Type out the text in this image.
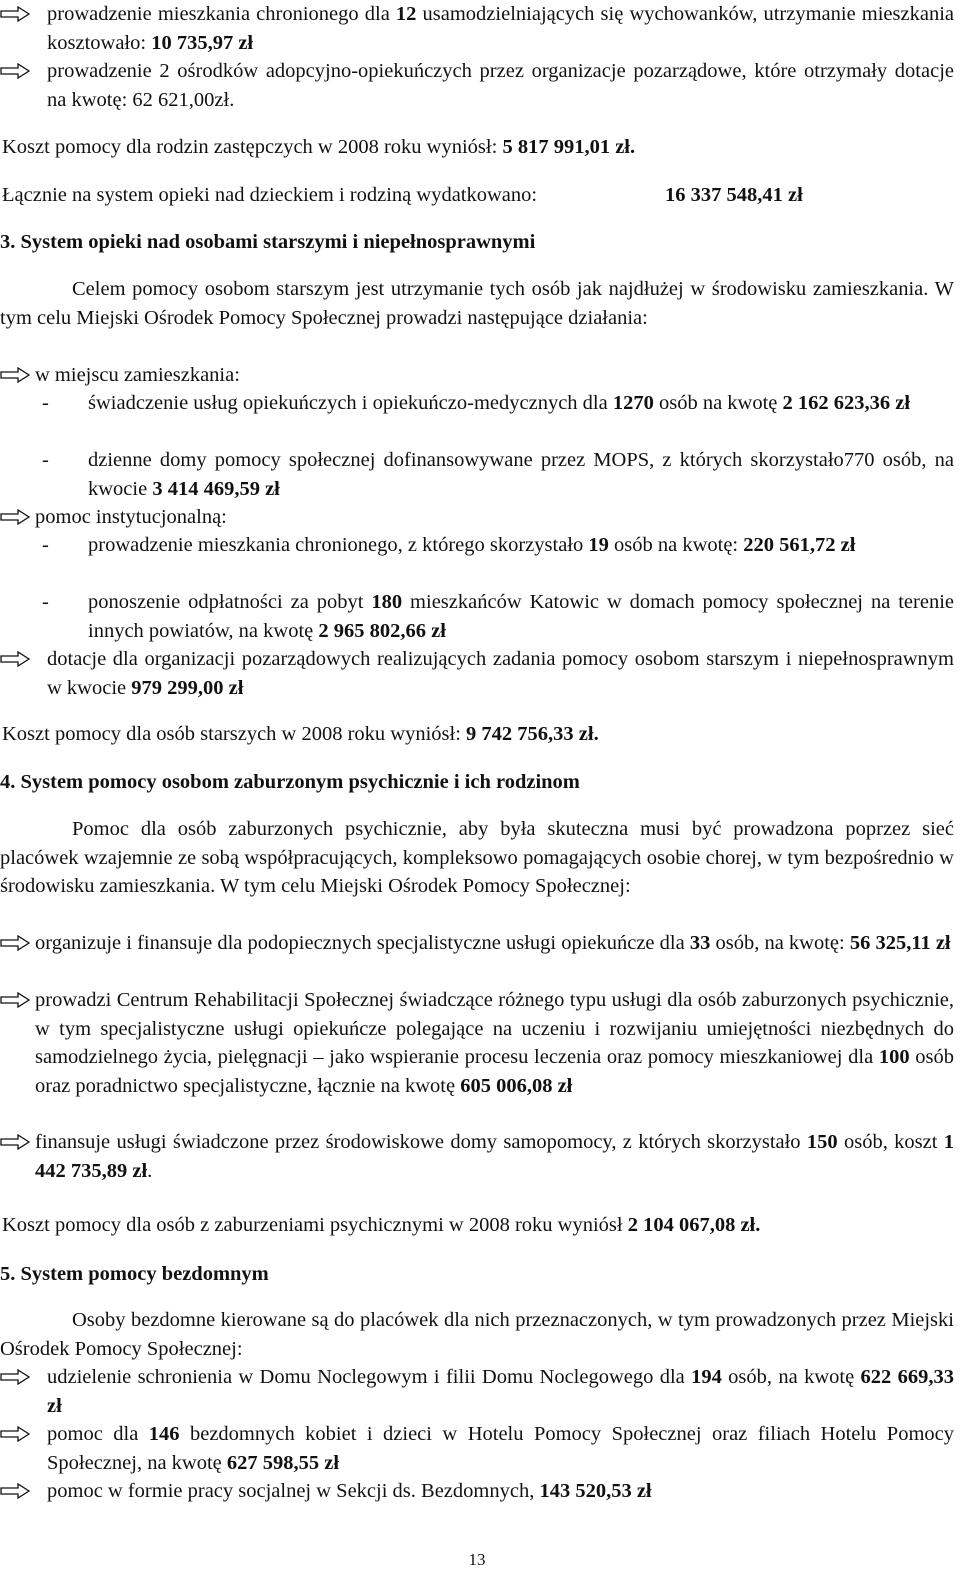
prowadzenie mieszkania chronionego dla 12 usamodzielniających się wychowanków, utrzymanie mieszkania kosztowało: 10 735,97 zł

prowadzenie 2 ośrodków adopcyjno-opiekuńczych przez organizacje pozarządowe, które otrzymały dotacje na kwotę: 62 621,00zł.

Koszt pomocy dla rodzin zastępczych w 2008 roku wyniósł: 5 817 991,01 zł.

Łącznie na system opieki nad dzieckiem i rodziną wydatkowano:	16 337 548,41 zł

3. System opieki nad osobami starszymi i niepełnosprawnymi

Celem pomocy osobom starszym jest utrzymanie tych osób jak najdłużej w środowisku zamieszkania. W tym celu Miejski Ośrodek Pomocy Społecznej prowadzi następujące działania:

w miejscu zamieszkania:

- świadczenie usług opiekuńczych i opiekuńczo-medycznych dla 1270 osób na kwotę 2 162 623,36 zł

- dzienne domy pomocy społecznej dofinansowywane przez MOPS, z których skorzystało770 osób, na kwocie 3 414 469,59 zł

pomoc instytucjonalną:

- prowadzenie mieszkania chronionego, z którego skorzystało 19 osób na kwotę: 220 561,72 zł

- ponoszenie odpłatności za pobyt 180 mieszkańców Katowic w domach pomocy społecznej na terenie innych powiatów, na kwotę 2 965 802,66 zł

dotacje dla organizacji pozarządowych realizujących zadania pomocy osobom starszym i niepełnosprawnym w kwocie 979 299,00 zł

Koszt pomocy dla osób starszych w 2008 roku wyniósł: 9 742 756,33 zł.

4. System pomocy osobom zaburzonym psychicznie i ich rodzinom

Pomoc dla osób zaburzonych psychicznie, aby była skuteczna musi być prowadzona poprzez sieć placówek wzajemnie ze sobą współpracujących, kompleksowo pomagających osobie chorej, w tym bezpośrednio w środowisku zamieszkania. W tym celu Miejski Ośrodek Pomocy Społecznej:

organizuje i finansuje dla podopiecznych specjalistyczne usługi opiekuńcze dla 33 osób, na kwotę: 56 325,11 zł

prowadzi Centrum Rehabilitacji Społecznej świadczące różnego typu usługi dla osób zaburzonych psychicznie, w tym specjalistyczne usługi opiekuńcze polegające na uczeniu i rozwijaniu umiejętności niezbędnych do samodzielnego życia, pielęgnacji – jako wspieranie procesu leczenia oraz pomocy mieszkaniowej dla 100 osób oraz poradnictwo specjalistyczne, łącznie na kwotę 605 006,08 zł

finansuje usługi świadczone przez środowiskowe domy samopomocy, z których skorzystało 150 osób, koszt 1 442 735,89 zł.

Koszt pomocy dla osób z zaburzeniami psychicznymi w 2008 roku wyniósł 2 104 067,08 zł.

5. System pomocy bezdomnym

Osoby bezdomne kierowane są do placówek dla nich przeznaczonych, w tym prowadzonych przez Miejski Ośrodek Pomocy Społecznej:

udzielenie schronienia w Domu Noclegowym i filii Domu Noclegowego dla 194 osób, na kwotę 622 669,33 zł

pomoc dla 146 bezdomnych kobiet i dzieci w Hotelu Pomocy Społecznej oraz filiach Hotelu Pomocy Społecznej, na kwotę 627 598,55 zł

pomoc w formie pracy socjalnej w Sekcji ds. Bezdomnych, 143 520,53 zł

13
